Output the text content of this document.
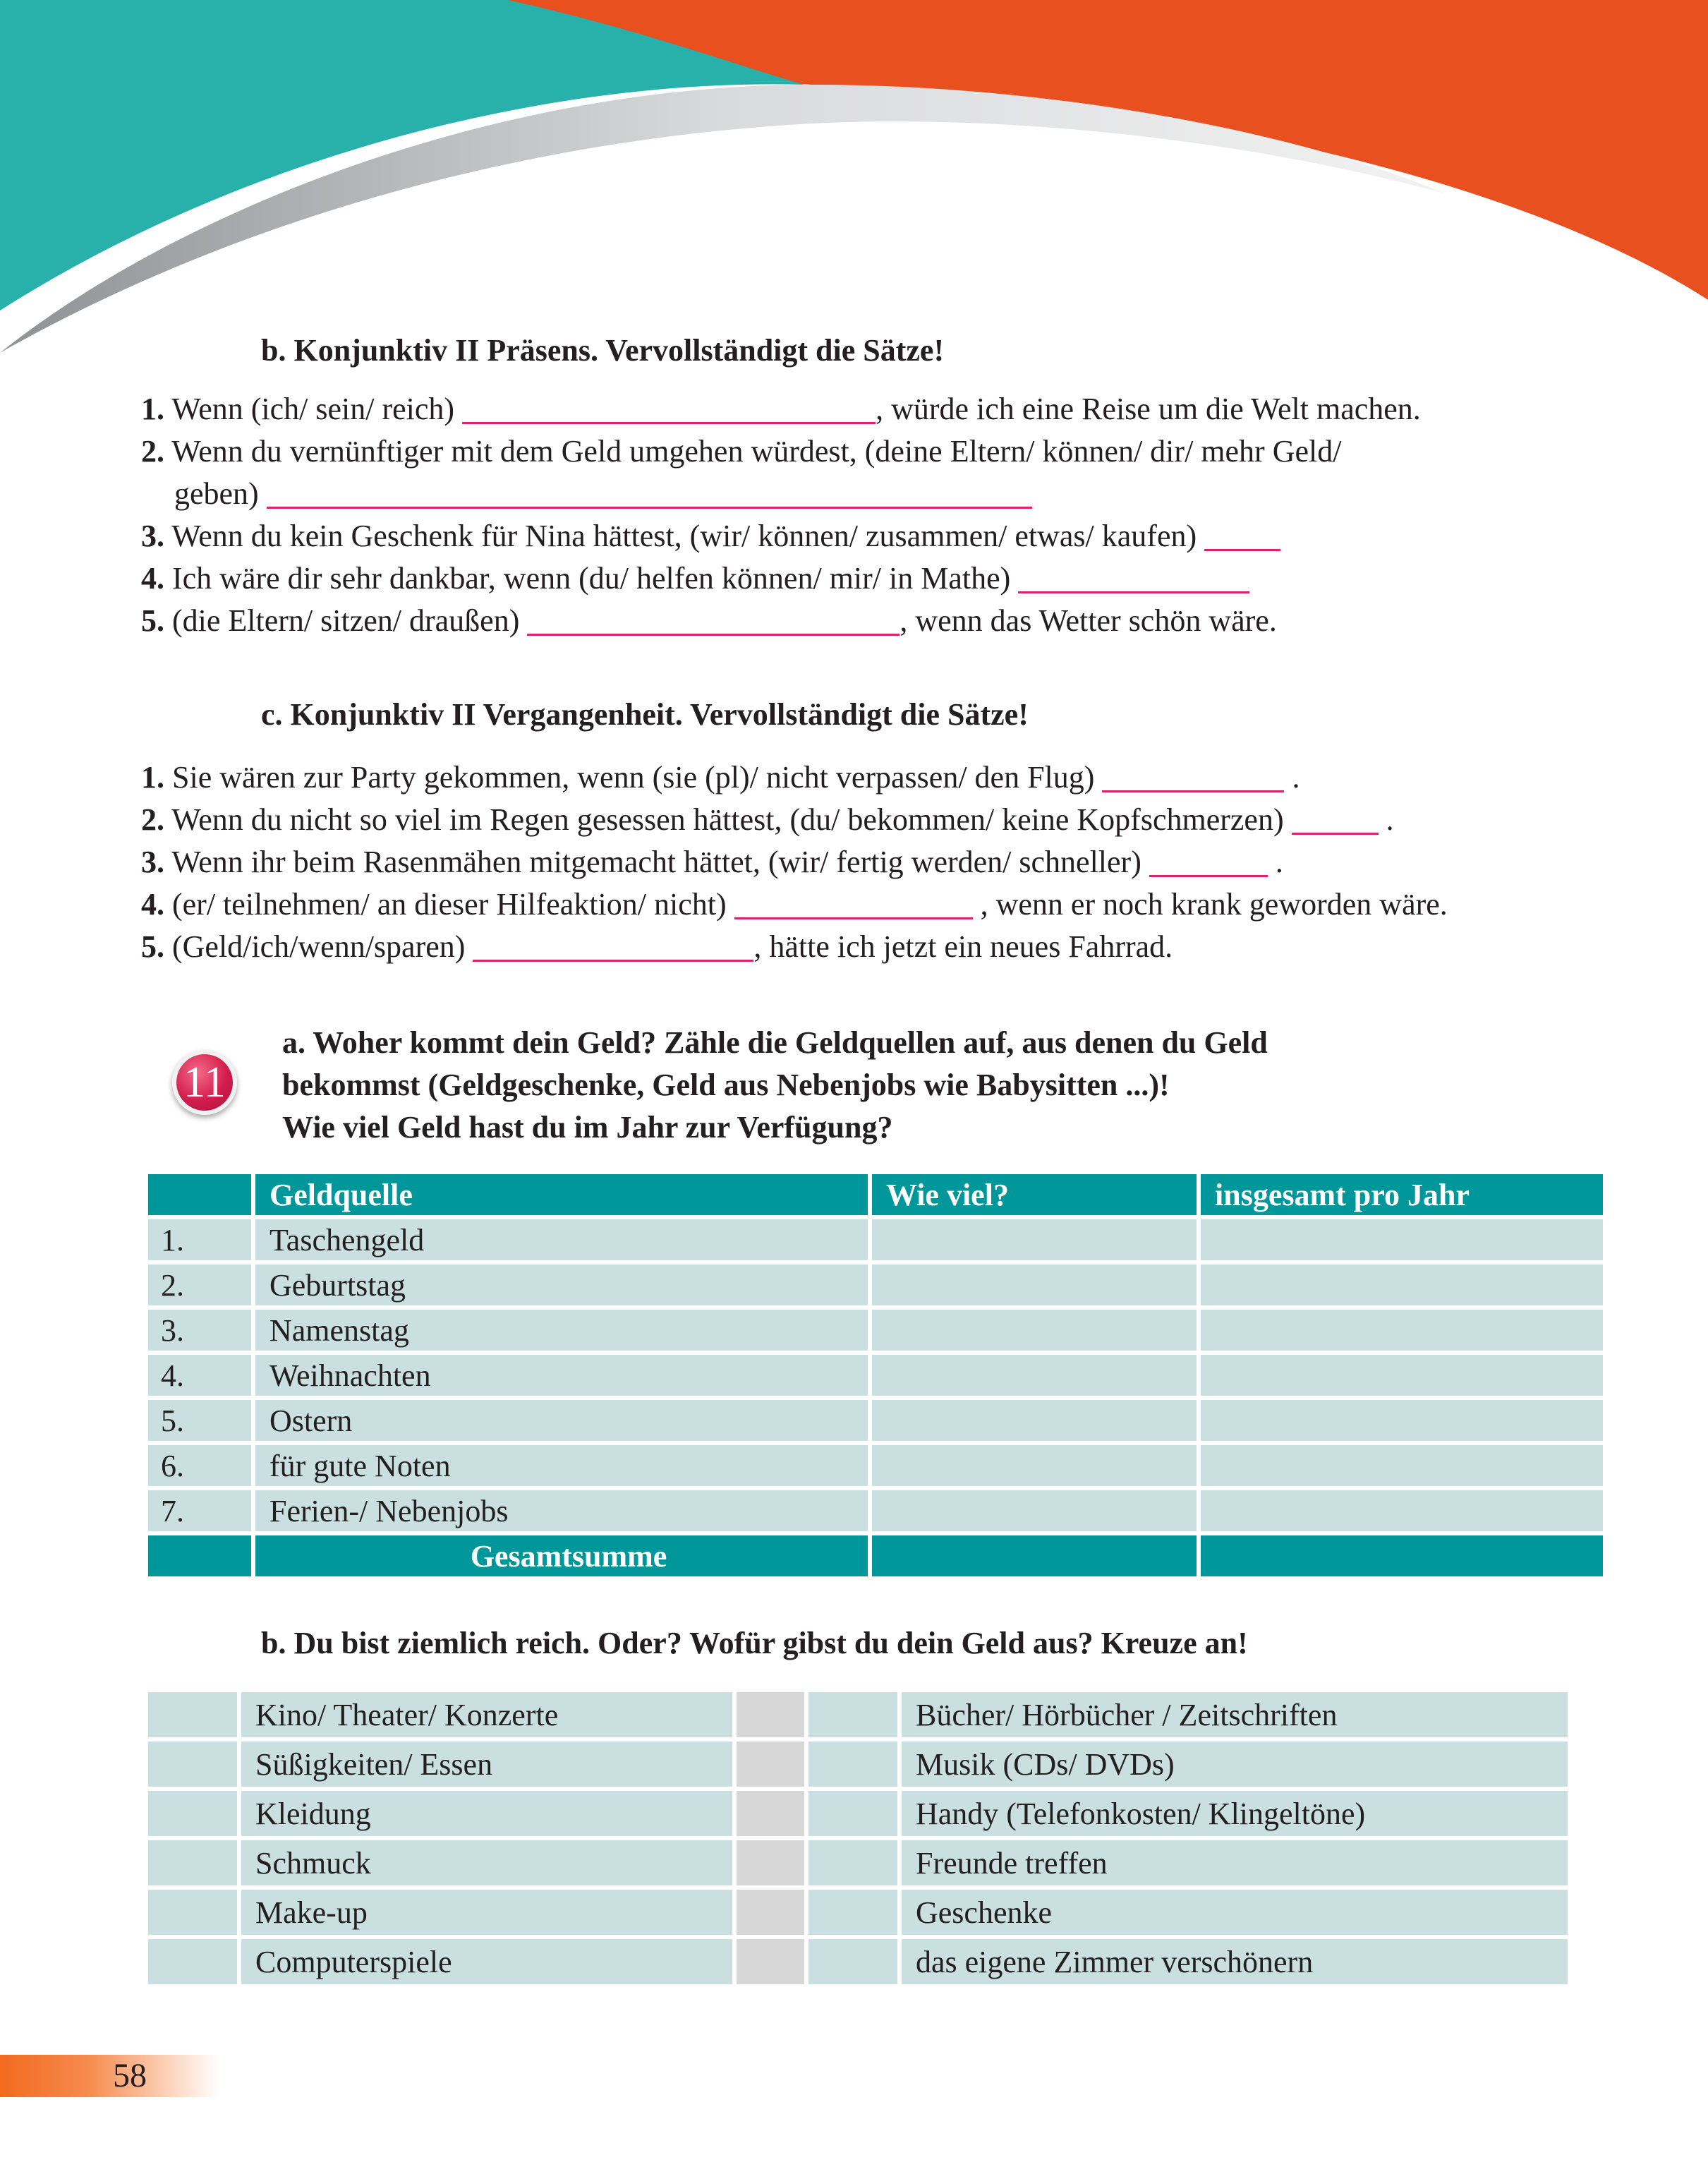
b. Konjunktiv II Präsens. Vervollständigt die Sätze!
1. Wenn (ich/ sein/ reich)	, würde ich eine Reise um die Welt machen.
2. Wenn du vernünftiger mit dem Geld umgehen würdest, (deine Eltern/ können/ dir/ mehr Geld/
geben)
3. Wenn du kein Geschenk für Nina hättest, (wir/ können/ zusammen/ etwas/ kaufen)
4. Ich wäre dir sehr dankbar, wenn (du/ helfen können/ mir/ in Mathe)
5. (die Eltern/ sitzen/ draußen)	, wenn das Wetter schön wäre.
c. Konjunktiv II Vergangenheit. Vervollständigt die Sätze!
1. Sie wären zur Party gekommen, wenn (sie (pl)/ nicht verpassen/ den Flug)	.
2. Wenn du nicht so viel im Regen gesessen hättest, (du/ bekommen/ keine Kopfschmerzen)	.
3. Wenn ihr beim Rasenmähen mitgemacht hättet, (wir/ fertig werden/ schneller)	.
4. (er/ teilnehmen/ an dieser Hilfeaktion/ nicht)	, wenn er noch krank geworden wäre.
5. (Geld/ich/wenn/sparen)	, hätte ich jetzt ein neues Fahrrad.
11
a. Woher kommt dein Geld? Zähle die Geldquellen auf, aus denen du Geld
bekommst (Geldgeschenke, Geld aus Nebenjobs wie Babysitten ...)!
Wie viel Geld hast du im Jahr zur Verfügung?
	Geldquelle	Wie viel?	insgesamt pro Jahr
1.	Taschengeld		
2.	Geburtstag		
3.	Namenstag		
4.	Weihnachten		
5.	Ostern		
6.	für gute Noten		
7.	Ferien-/ Nebenjobs		
	Gesamtsumme		
b. Du bist ziemlich reich. Oder? Wofür gibst du dein Geld aus? Kreuze an!
	Kino/ Theater/ Konzerte			Bücher/ Hörbücher / Zeitschriften
	Süßigkeiten/ Essen			Musik (CDs/ DVDs)
	Kleidung			Handy (Telefonkosten/ Klingeltöne)
	Schmuck			Freunde treffen
	Make-up			Geschenke
	Computerspiele			das eigene Zimmer verschönern
58
